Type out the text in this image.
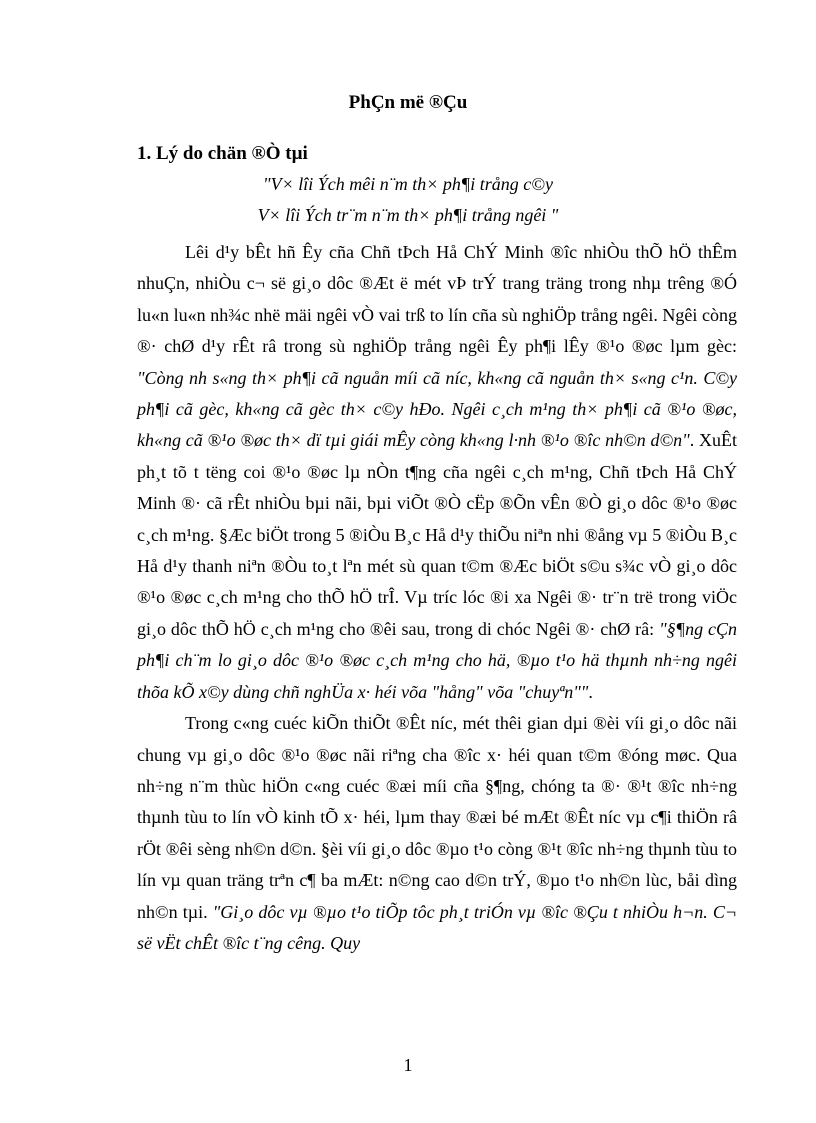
PhÇn më ®Çu
1. Lý do chän ®Ò tµi
"V× lîi Ých mêi n¨m th× ph¶i trång c©y
V× lîi Ých tr¨m n¨m th× ph¶i trång ngêi "

Lêi d¹y bÊt hñ Êy cña Chñ tÞch Hå ChÝ Minh ®îc nhiÒu thÕ hÖ thÊm nhuÇn, nhiÒu c¬ së gi¸o dôc ®Æt ë mét vÞ trÝ trang träng trong nhµ trêng ®Ó lu«n lu«n nh¾c nhë mäi ngêi vÒ vai trß to lín cña sù nghiÖp trång ngêi. Ngêi còng ®· chØ d¹y rÊt râ trong sù nghiÖp trång ngêi Êy ph¶i lÊy ®¹o ®øc lµm gèc: "Còng nh s«ng th× ph¶i cã nguån míi cã níc, kh«ng cã nguån th× s«ng c¹n. C©y ph¶i cã gèc, kh«ng cã gèc th× c©y hÐo. Ngêi c¸ch m¹ng th× ph¶i cã ®¹o ®øc, kh«ng cã ®¹o ®øc th× dï tµi giái mÊy còng kh«ng l·nh ®¹o ®îc nh©n d©n". XuÊt ph¸t tõ t tëng coi ®¹o ®øc lµ nÒn t¶ng cña ngêi c¸ch m¹ng, Chñ tÞch Hå ChÝ Minh ®· cã rÊt nhiÒu bµi nãi, bµi viÕt ®Ò cËp ®Õn vÊn ®Ò gi¸o dôc ®¹o ®øc c¸ch m¹ng. §Æc biÖt trong 5 ®iÒu B¸c Hå d¹y thiÕu niªn nhi ®ång vµ 5 ®iÒu B¸c Hå d¹y thanh niªn ®Òu to¸t lªn mét sù quan t©m ®Æc biÖt s©u s¾c vÒ gi¸o dôc ®¹o ®øc c¸ch m¹ng cho thÕ hÖ trÎ. Vµ tríc lóc ®i xa Ngêi ®· tr¨n trë trong viÖc gi¸o dôc thÕ hÖ c¸ch m¹ng cho ®êi sau, trong di chóc Ngêi ®· chØ râ: "§¶ng cÇn ph¶i ch¨m lo gi¸o dôc ®¹o ®øc c¸ch m¹ng cho hä, ®µo t¹o hä thµnh nh÷ng ngêi thõa kÕ x©y dùng chñ nghÜa x· héi võa "hång" võa "chuyªn"".

Trong c«ng cuéc kiÕn thiÕt ®Êt níc, mét thêi gian dµi ®èi víi gi¸o dôc nãi chung vµ gi¸o dôc ®¹o ®øc nãi riªng cha ®îc x· héi quan t©m ®óng møc. Qua nh÷ng n¨m thùc hiÖn c«ng cuéc ®æi míi cña §¶ng, chóng ta ®· ®¹t ®îc nh÷ng thµnh tùu to lín vÒ kinh tÕ x· héi, lµm thay ®æi bé mÆt ®Êt níc vµ c¶i thiÖn râ rÖt ®êi sèng nh©n d©n. §èi víi gi¸o dôc ®µo t¹o còng ®¹t ®îc nh÷ng thµnh tùu to lín vµ quan träng trªn c¶ ba mÆt: n©ng cao d©n trÝ, ®µo t¹o nh©n lùc, båi dìng nh©n tµi. "Gi¸o dôc vµ ®µo t¹o tiÕp tôc ph¸t triÓn vµ ®îc ®Çu t nhiÒu h¬n. C¬ së vËt chÊt ®îc t¨ng cêng. Quy

1
